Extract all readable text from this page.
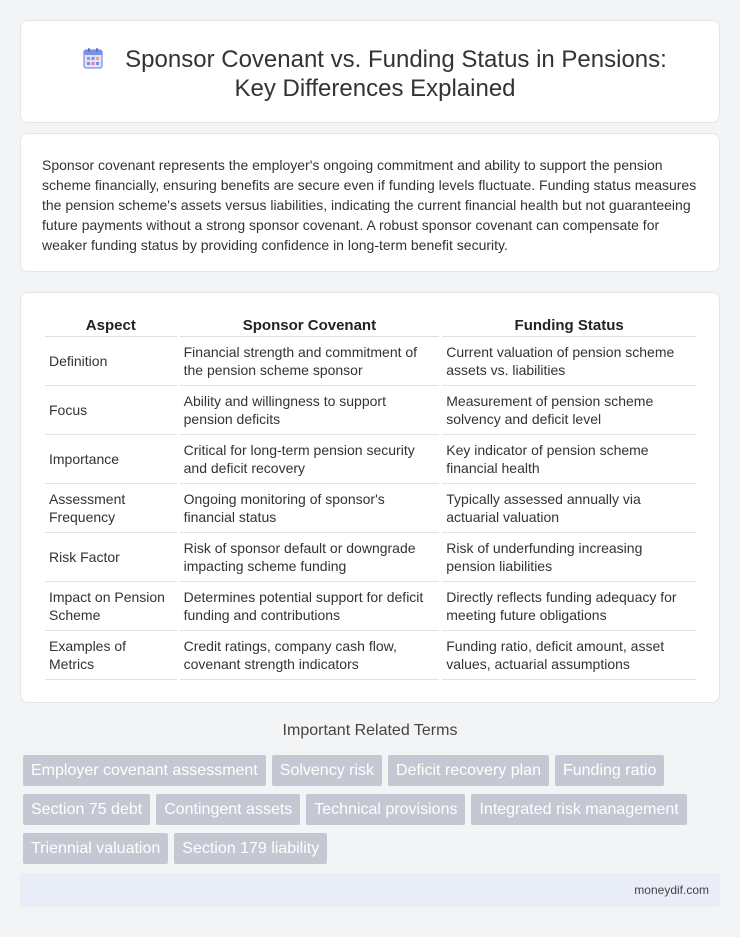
Sponsor Covenant vs. Funding Status in Pensions: Key Differences Explained

Sponsor covenant represents the employer's ongoing commitment and ability to support the pension scheme financially, ensuring benefits are secure even if funding levels fluctuate. Funding status measures the pension scheme's assets versus liabilities, indicating the current financial health but not guaranteeing future payments without a strong sponsor covenant. A robust sponsor covenant can compensate for weaker funding status by providing confidence in long-term benefit security.

Aspect	Sponsor Covenant	Funding Status
Definition	Financial strength and commitment of the pension scheme sponsor	Current valuation of pension scheme assets vs. liabilities
Focus	Ability and willingness to support pension deficits	Measurement of pension scheme solvency and deficit level
Importance	Critical for long-term pension security and deficit recovery	Key indicator of pension scheme financial health
Assessment Frequency	Ongoing monitoring of sponsor's financial status	Typically assessed annually via actuarial valuation
Risk Factor	Risk of sponsor default or downgrade impacting scheme funding	Risk of underfunding increasing pension liabilities
Impact on Pension Scheme	Determines potential support for deficit funding and contributions	Directly reflects funding adequacy for meeting future obligations
Examples of Metrics	Credit ratings, company cash flow, covenant strength indicators	Funding ratio, deficit amount, asset values, actuarial assumptions
Important Related Terms
Employer covenant assessment	Solvency risk	Deficit recovery plan	Funding ratio
Section 75 debt	Contingent assets	Technical provisions	Integrated risk management
Triennial valuation	Section 179 liability
moneydif.com
